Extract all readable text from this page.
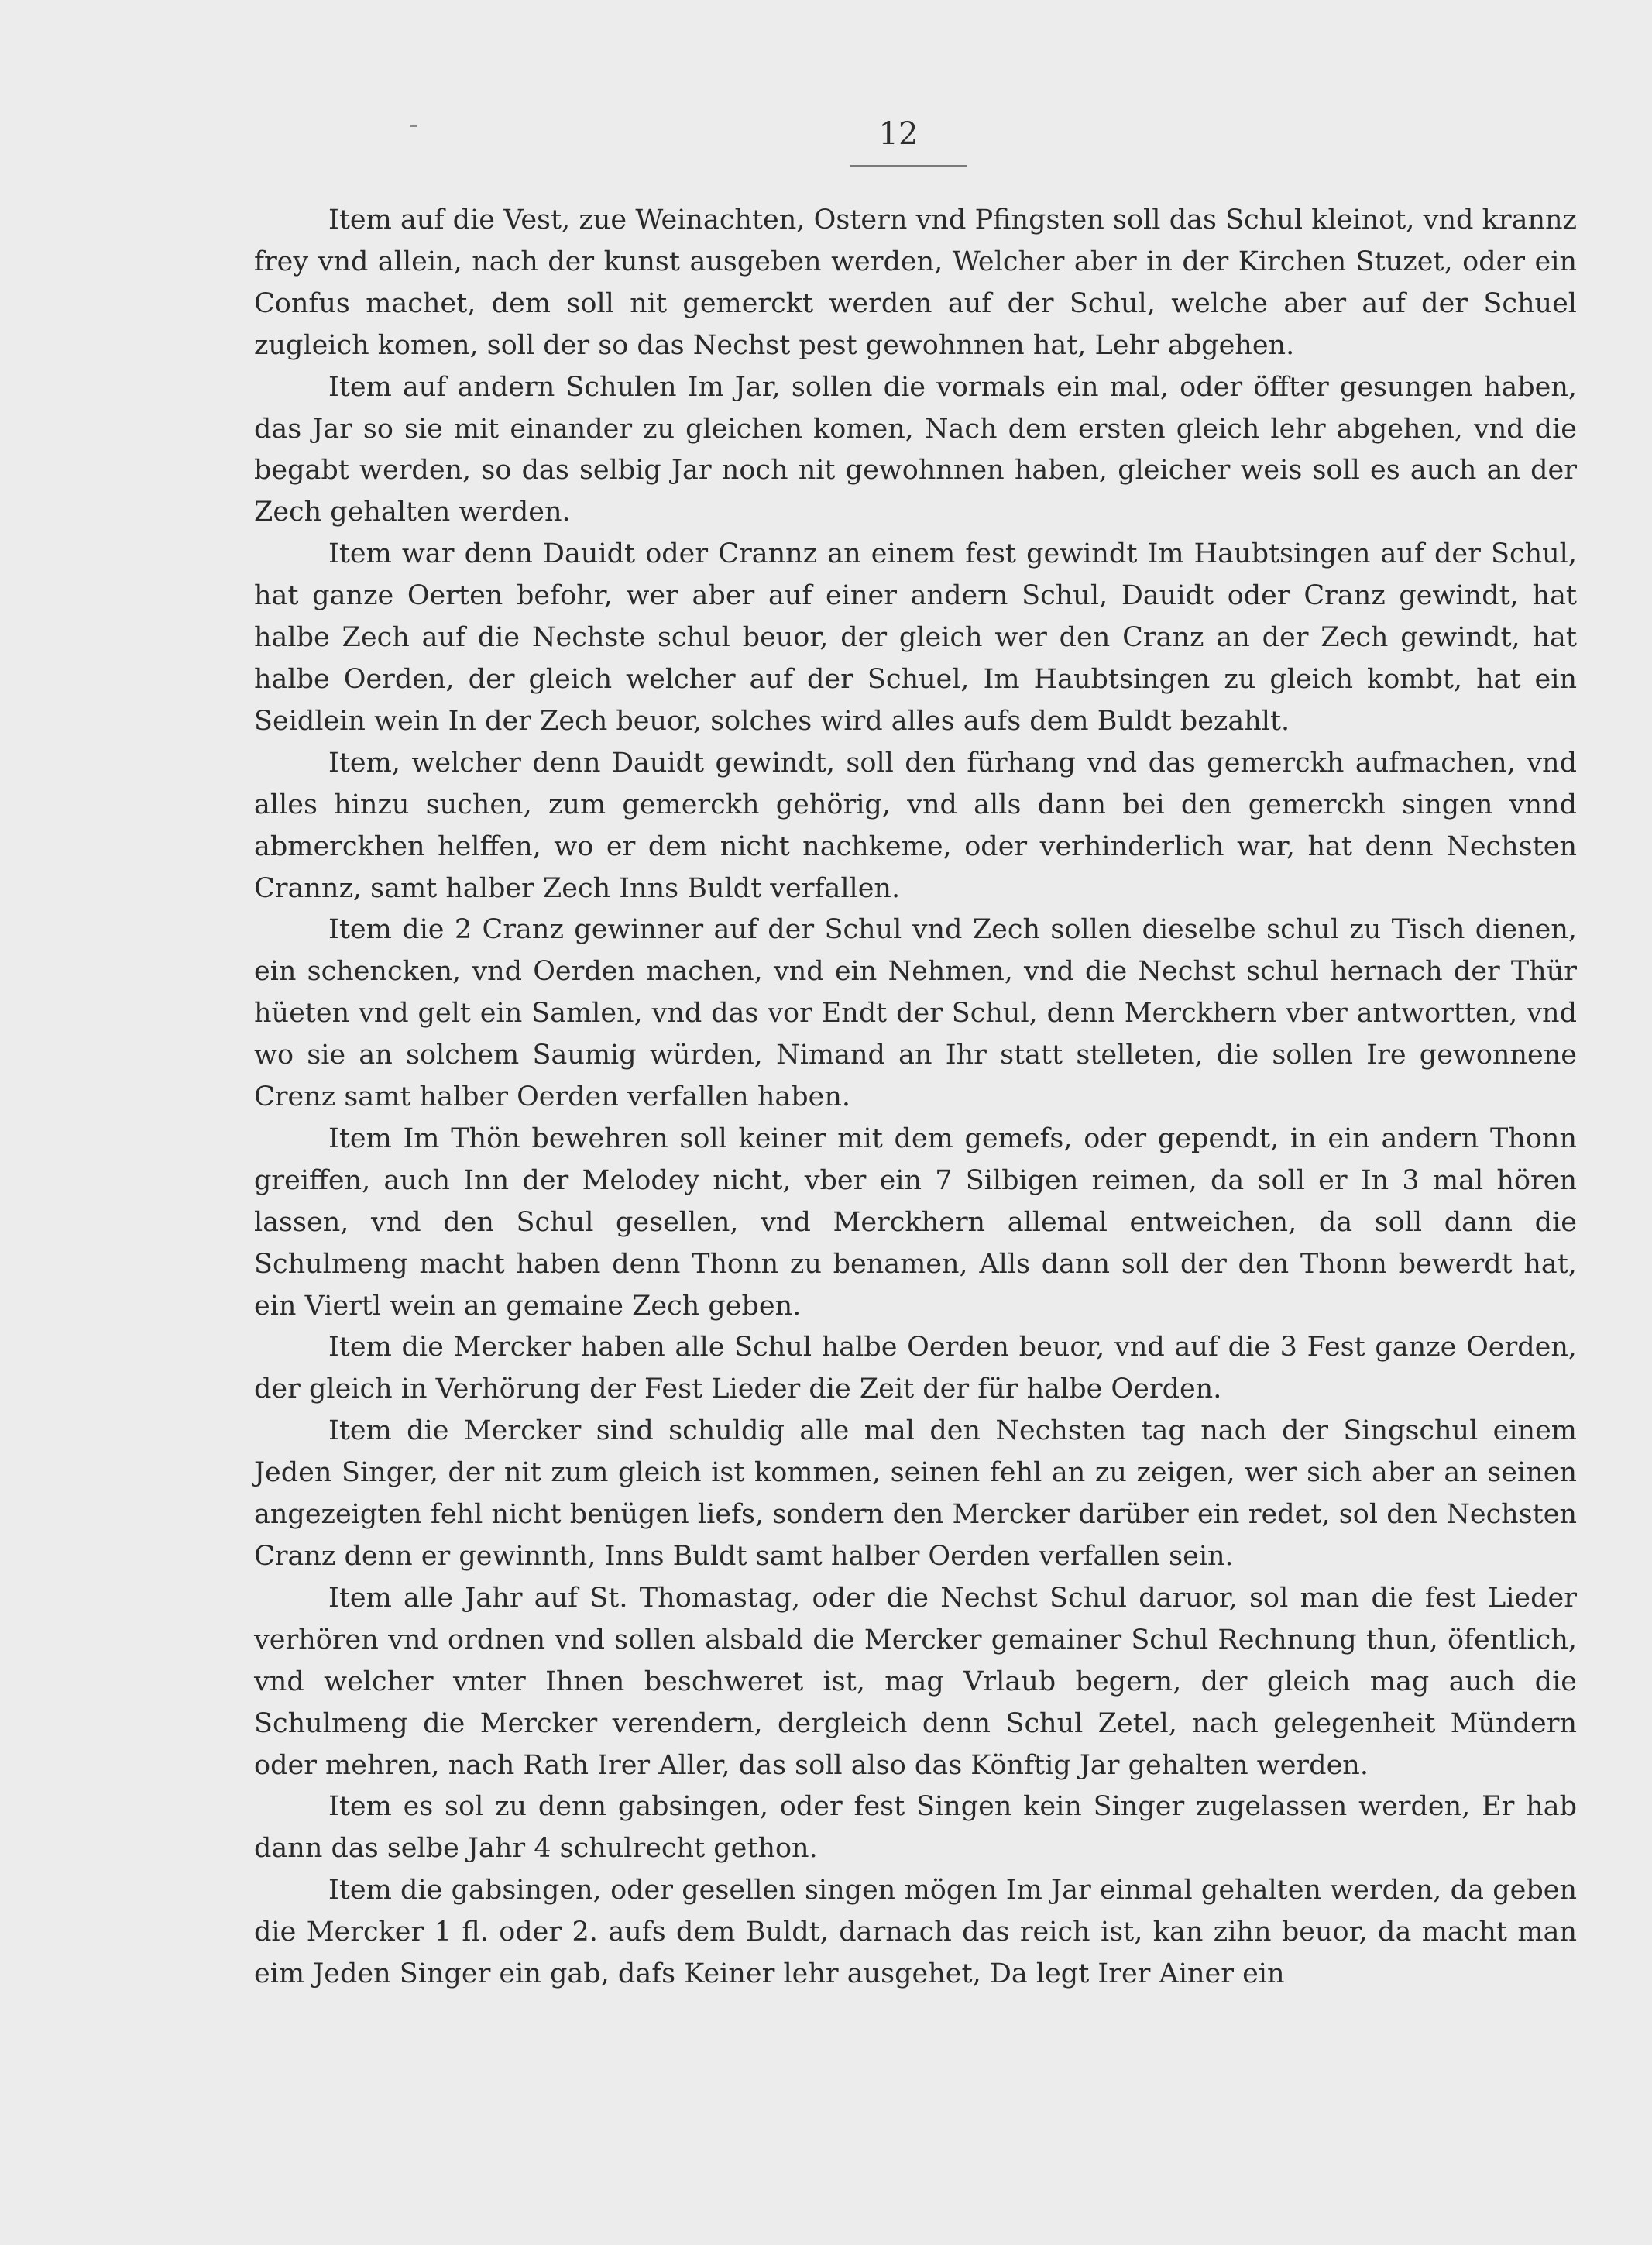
12

Item auf die Vest, zue Weinachten, Ostern vnd Pfingsten soll das Schul kleinot, vnd krannz frey vnd allein, nach der kunst ausgeben werden, Welcher aber in der Kirchen Stuzet, oder ein Confus machet, dem soll nit gemerckt werden auf der Schul, welche aber auf der Schuel zugleich komen, soll der so das Nechst pest gewohnnen hat, Lehr abgehen.

Item auf andern Schulen Im Jar, sollen die vormals ein mal, oder öffter gesungen haben, das Jar so sie mit einander zu gleichen komen, Nach dem ersten gleich lehr abgehen, vnd die begabt werden, so das selbig Jar noch nit gewohnnen haben, gleicher weis soll es auch an der Zech gehalten werden.

Item war denn Dauidt oder Crannz an einem fest gewindt Im Haubtsingen auf der Schul, hat ganze Oerten befohr, wer aber auf einer andern Schul, Dauidt oder Cranz gewindt, hat halbe Zech auf die Nechste schul beuor, der gleich wer den Cranz an der Zech gewindt, hat halbe Oerden, der gleich welcher auf der Schuel, Im Haubtsingen zu gleich kombt, hat ein Seidlein wein In der Zech beuor, solches wird alles aufs dem Buldt bezahlt.

Item, welcher denn Dauidt gewindt, soll den fürhang vnd das gemerckh aufmachen, vnd alles hinzu suchen, zum gemerckh gehörig, vnd alls dann bei den gemerckh singen vnnd abmerckhen helffen, wo er dem nicht nachkeme, oder verhinderlich war, hat denn Nechsten Crannz, samt halber Zech Inns Buldt verfallen.

Item die 2 Cranz gewinner auf der Schul vnd Zech sollen dieselbe schul zu Tisch dienen, ein schencken, vnd Oerden machen, vnd ein Nehmen, vnd die Nechst schul hernach der Thür hüeten vnd gelt ein Samlen, vnd das vor Endt der Schul, denn Merckhern vber antwortten, vnd wo sie an solchem Saumig würden, Nimand an Ihr statt stelleten, die sollen Ire gewonnene Crenz samt halber Oerden verfallen haben.

Item Im Thön bewehren soll keiner mit dem gemefs, oder gependt, in ein andern Thonn greiffen, auch Inn der Melodey nicht, vber ein 7 Silbigen reimen, da soll er In 3 mal hören lassen, vnd den Schul gesellen, vnd Merckhern allemal entweichen, da soll dann die Schulmeng macht haben denn Thonn zu benamen, Alls dann soll der den Thonn bewerdt hat, ein Viertl wein an gemaine Zech geben.

Item die Mercker haben alle Schul halbe Oerden beuor, vnd auf die 3 Fest ganze Oerden, der gleich in Verhörung der Fest Lieder die Zeit der für halbe Oerden.

Item die Mercker sind schuldig alle mal den Nechsten tag nach der Singschul einem Jeden Singer, der nit zum gleich ist kommen, seinen fehl an zu zeigen, wer sich aber an seinen angezeigten fehl nicht benügen liefs, sondern den Mercker darüber ein redet, sol den Nechsten Cranz denn er gewinnth, Inns Buldt samt halber Oerden verfallen sein.

Item alle Jahr auf St. Thomastag, oder die Nechst Schul daruor, sol man die fest Lieder verhören vnd ordnen vnd sollen alsbald die Mercker gemainer Schul Rechnung thun, öfentlich, vnd welcher vnter Ihnen beschweret ist, mag Vrlaub begern, der gleich mag auch die Schulmeng die Mercker verendern, dergleich denn Schul Zetel, nach gelegenheit Mündern oder mehren, nach Rath Irer Aller, das soll also das Könftig Jar gehalten werden.

Item es sol zu denn gabsingen, oder fest Singen kein Singer zugelassen werden, Er hab dann das selbe Jahr 4 schulrecht gethon.

Item die gabsingen, oder gesellen singen mögen Im Jar einmal gehalten werden, da geben die Mercker 1 fl. oder 2. aufs dem Buldt, darnach das reich ist, kan zihn beuor, da macht man eim Jeden Singer ein gab, dafs Keiner lehr ausgehet, Da legt Irer Ainer ein
